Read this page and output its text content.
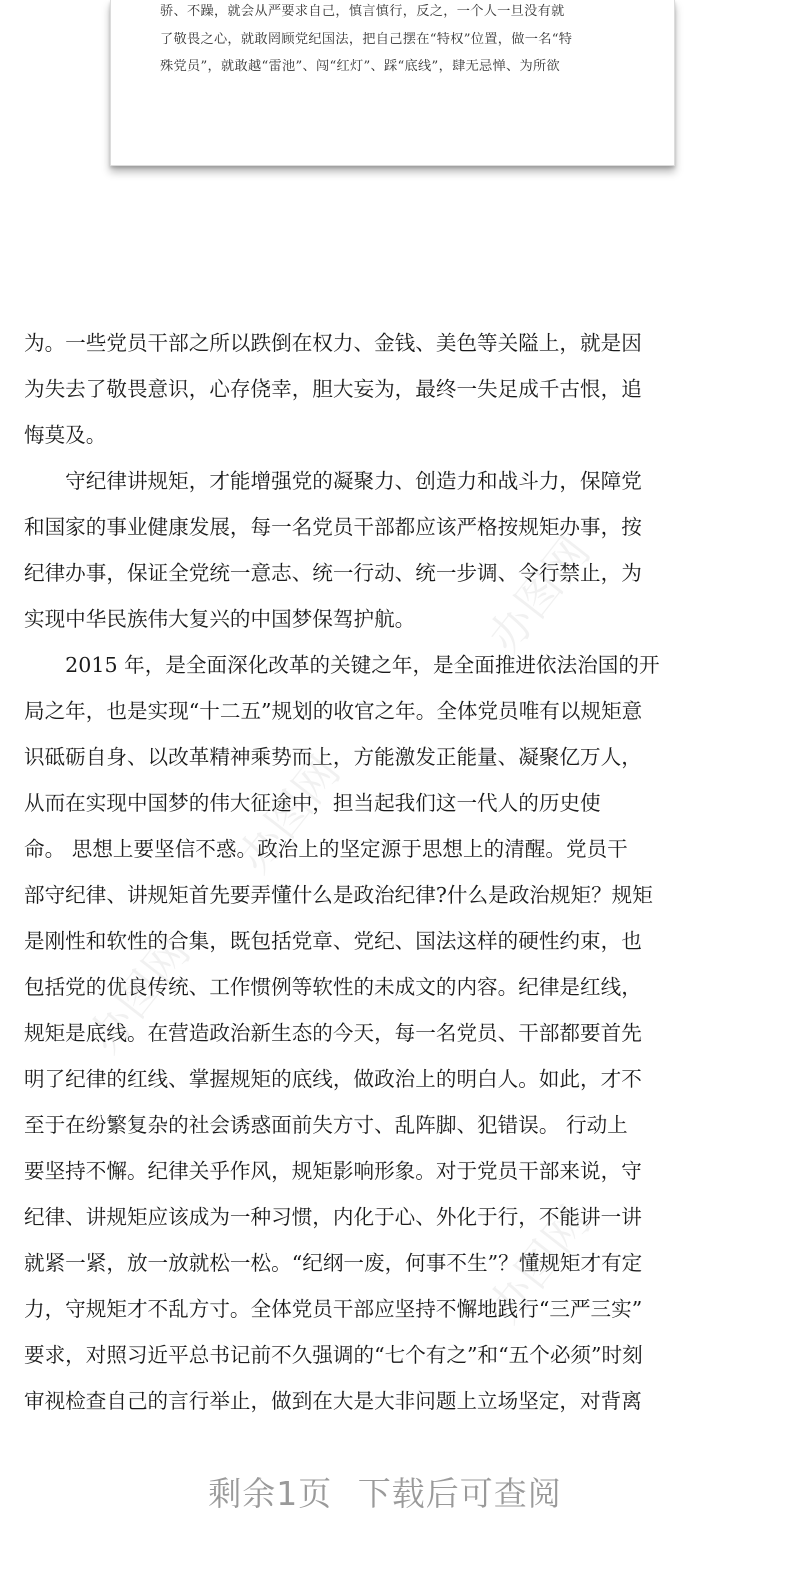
骄、不躁，就会从严要求自己，慎言慎行，反之，一个人一旦没有就
了敬畏之心，就敢罔顾党纪国法，把自己摆在“特权”位置，做一名“特
殊党员”，就敢越“雷池”、闯“红灯”、踩“底线”，肆无忌惮、为所欲
办图网
办图网
办图网
办图网
为。一些党员干部之所以跌倒在权力、金钱、美色等关隘上，就是因
为失去了敬畏意识，心存侥幸，胆大妄为，最终一失足成千古恨，追
悔莫及。
　　守纪律讲规矩，才能增强党的凝聚力、创造力和战斗力，保障党
和国家的事业健康发展，每一名党员干部都应该严格按规矩办事，按
纪律办事，保证全党统一意志、统一行动、统一步调、令行禁止，为
实现中华民族伟大复兴的中国梦保驾护航。
　　2015 年，是全面深化改革的关键之年，是全面推进依法治国的开
局之年，也是实现“十二五”规划的收官之年。全体党员唯有以规矩意
识砥砺自身、以改革精神乘势而上，方能激发正能量、凝聚亿万人，
从而在实现中国梦的伟大征途中，担当起我们这一代人的历史使
命。 思想上要坚信不惑。政治上的坚定源于思想上的清醒。党员干
部守纪律、讲规矩首先要弄懂什么是政治纪律?什么是政治规矩？规矩
是刚性和软性的合集，既包括党章、党纪、国法这样的硬性约束，也
包括党的优良传统、工作惯例等软性的未成文的内容。纪律是红线，
规矩是底线。在营造政治新生态的今天，每一名党员、干部都要首先
明了纪律的红线、掌握规矩的底线，做政治上的明白人。如此，才不
至于在纷繁复杂的社会诱惑面前失方寸、乱阵脚、犯错误。 行动上
要坚持不懈。纪律关乎作风，规矩影响形象。对于党员干部来说，守
纪律、讲规矩应该成为一种习惯，内化于心、外化于行，不能讲一讲
就紧一紧，放一放就松一松。“纪纲一废，何事不生”？懂规矩才有定
力，守规矩才不乱方寸。全体党员干部应坚持不懈地践行“三严三实”
要求，对照习近平总书记前不久强调的“七个有之”和“五个必须”时刻
审视检查自己的言行举止，做到在大是大非问题上立场坚定，对背离
剩余1页 下载后可查阅
